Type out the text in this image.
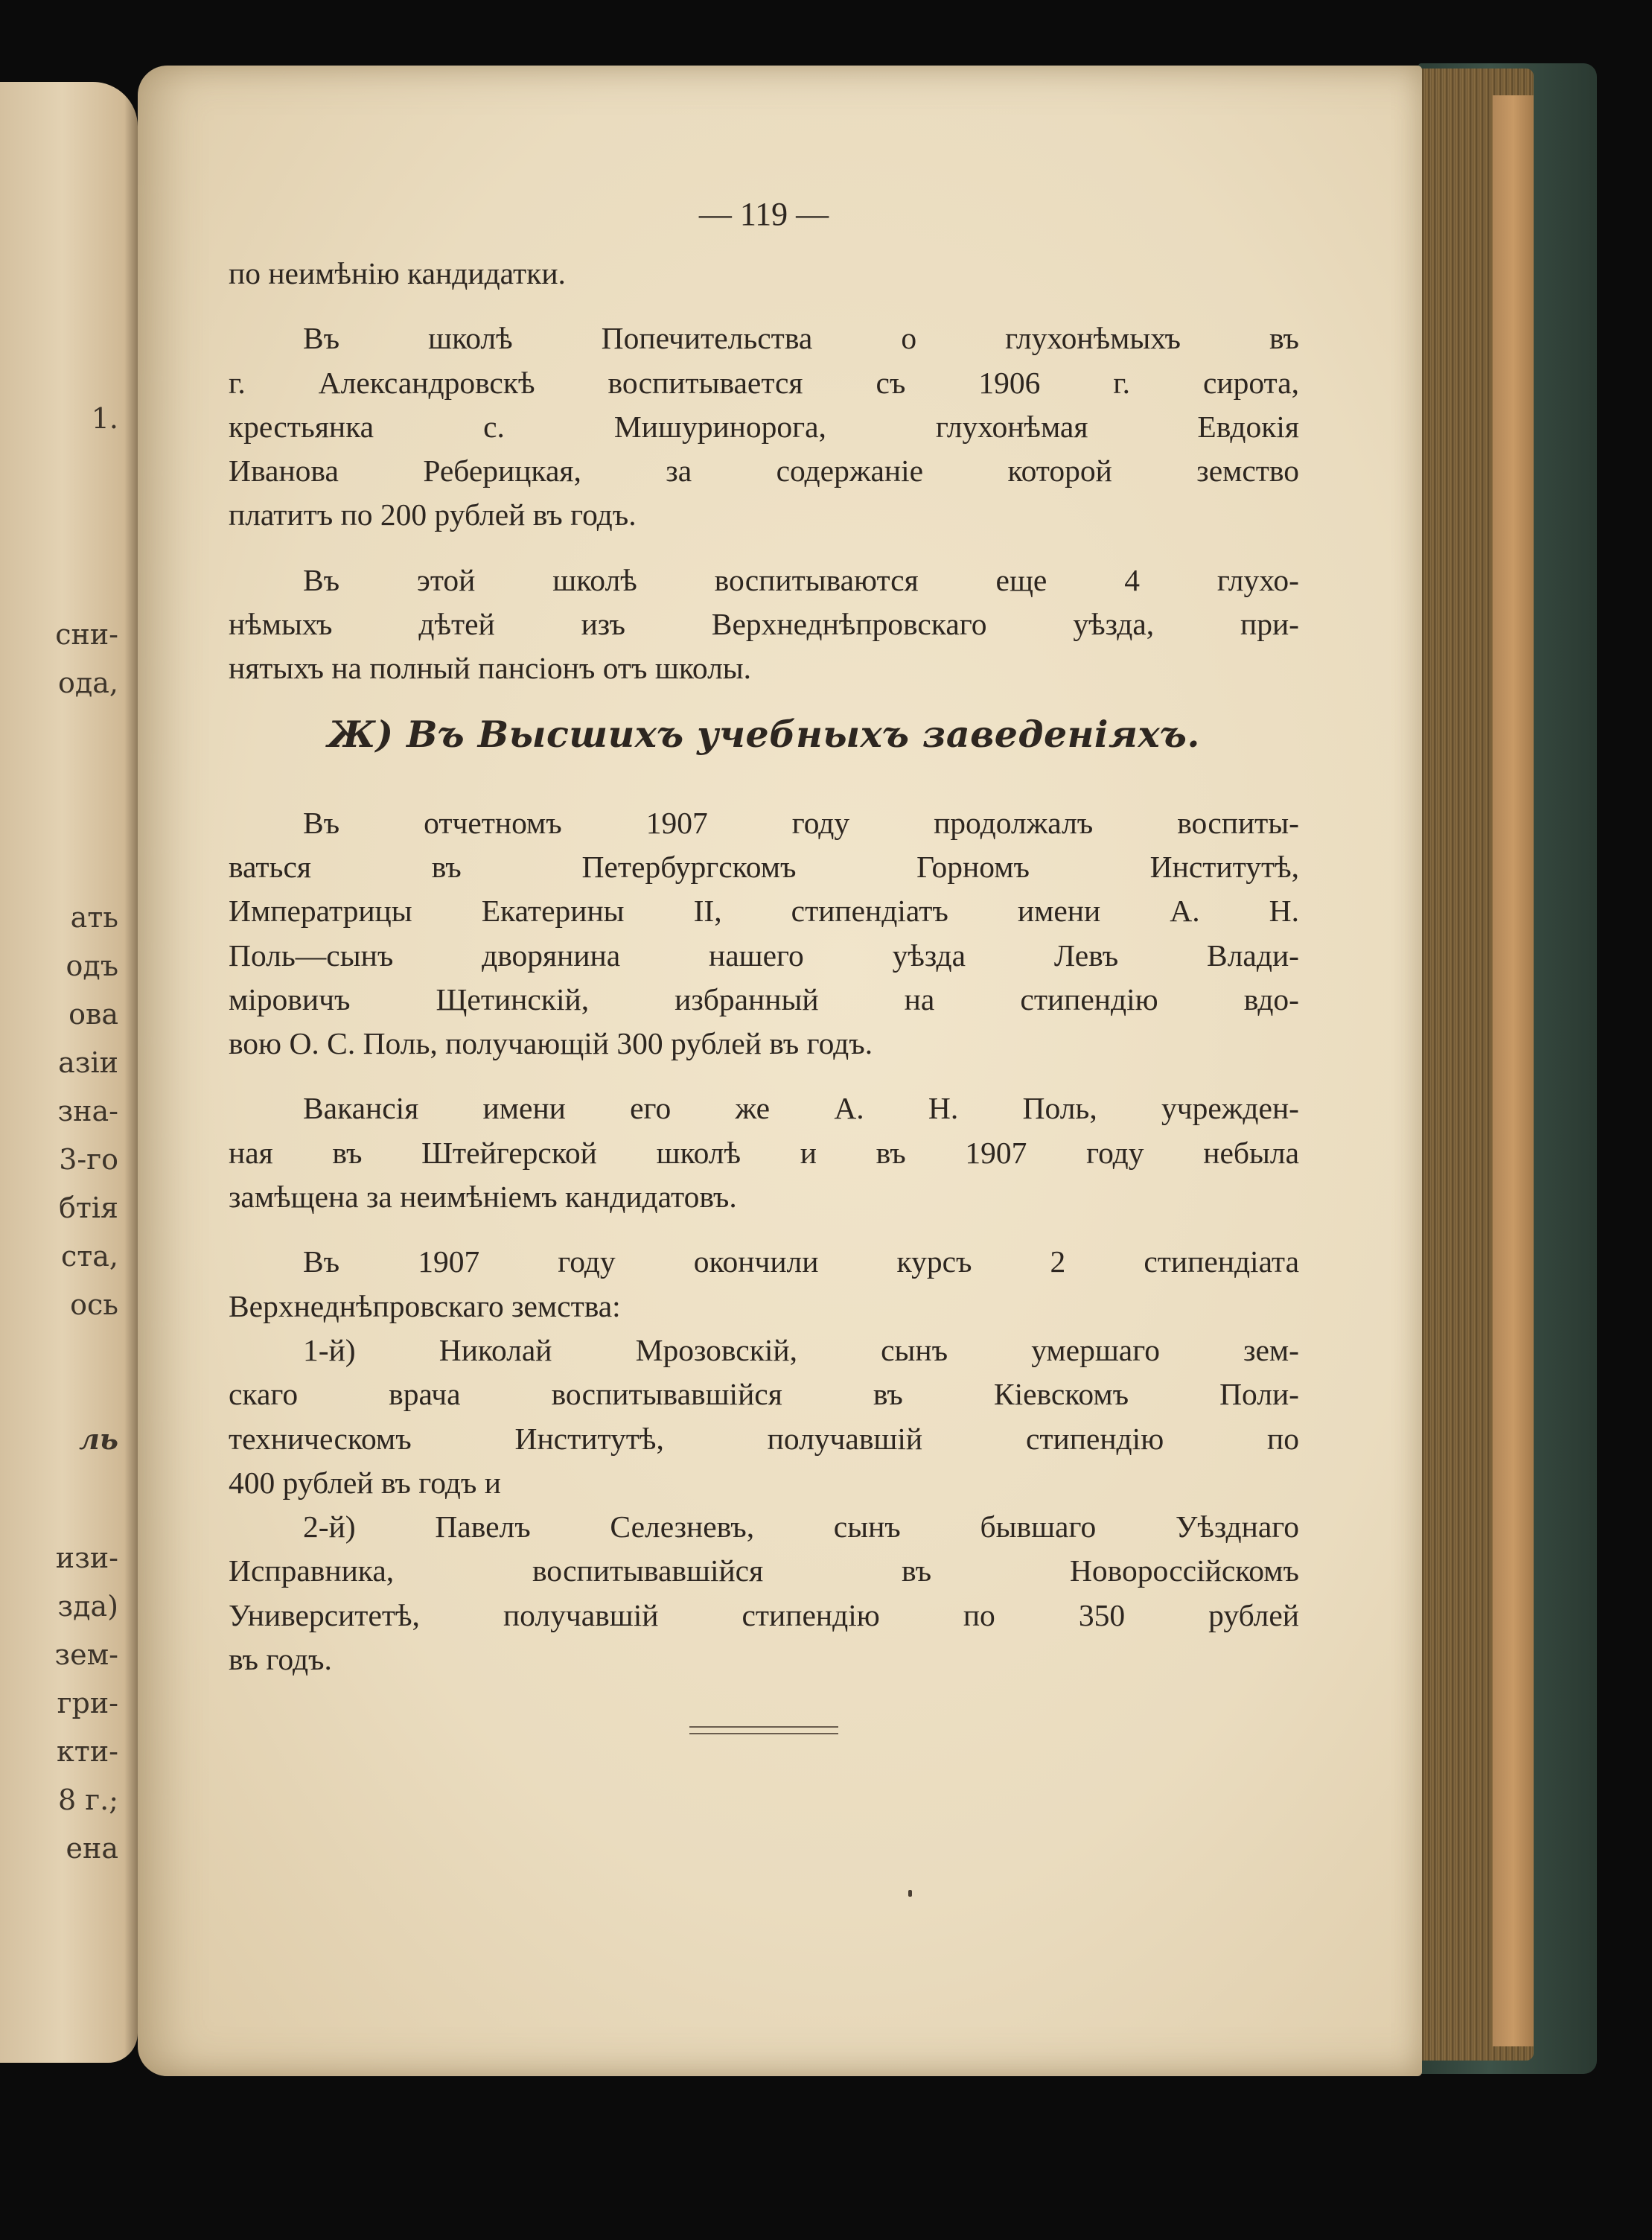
1.
сни-
ода,
ать
одъ
ова
азіи
зна-
3-го
бтія
ста,
ось
ль
изи-
зда)
зем-
гри-
кти-
8 г.;
ена
— 119 —
по неимѣнію кандидатки.
Въ школѣ Попечительства о глухонѣмыхъ въ
г. Александровскѣ воспитывается съ 1906 г. сирота,
крестьянка с. Мишуринорога, глухонѣмая Евдокія
Иванова Реберицкая, за содержаніе которой земство
платитъ по 200 рублей въ годъ.
Въ этой школѣ воспитываются еще 4 глухо-
нѣмыхъ дѣтей изъ Верхнеднѣпровскаго уѣзда, при-
нятыхъ на полный пансіонъ отъ школы.
Ж) Въ Высшихъ учебныхъ заведеніяхъ.
Въ отчетномъ 1907 году продолжалъ воспиты-
ваться въ Петербургскомъ Горномъ Институтѣ,
Императрицы Екатерины II, стипендіатъ имени А. Н.
Поль—сынъ дворянина нашего уѣзда Левъ Влади-
міровичъ Щетинскій, избранный на стипендію вдо-
вою О. С. Поль, получающій 300 рублей въ годъ.
Вакансія имени его же А. Н. Поль, учрежден-
ная въ Штейгерской школѣ и въ 1907 году небыла
замѣщена за неимѣніемъ кандидатовъ.
Въ 1907 году окончили курсъ 2 стипендіата
Верхнеднѣпровскаго земства:
1-й) Николай Мрозовскій, сынъ умершаго зем-
скаго врача воспитывавшійся въ Кіевскомъ Поли-
техническомъ Институтѣ, получавшій стипендію по
400 рублей въ годъ и
2-й) Павелъ Селезневъ, сынъ бывшаго Уѣзднаго
Исправника, воспитывавшійся въ Новороссійскомъ
Университетѣ, получавшій стипендію по 350 рублей
въ годъ.
